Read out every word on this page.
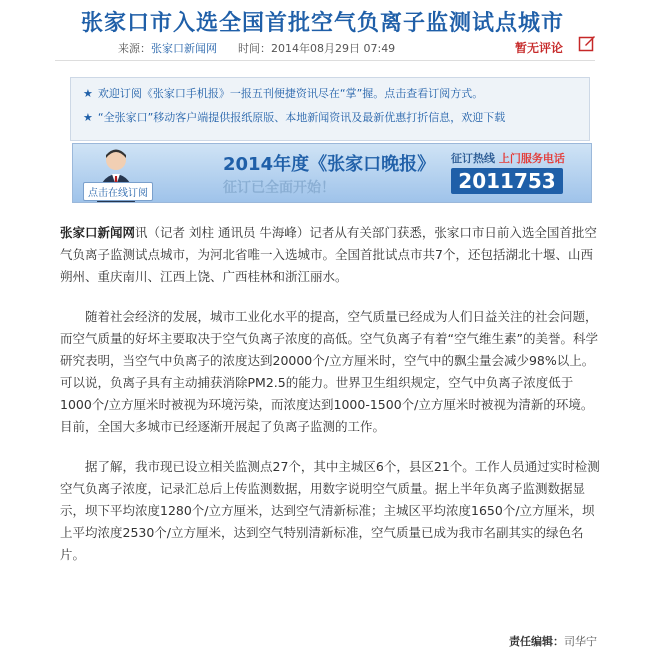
张家口市入选全国首批空气负离子监测试点城市
来源：张家口新闻网 时间：2014年08月29日 07:49	暂无评论
★ 欢迎订阅《张家口手机报》一报五刊便捷资讯尽在“掌”握。点击查看订阅方式。
★ “全张家口”移动客户端提供报纸原版、本地新闻资讯及最新优惠打折信息，欢迎下载
点击在线订阅
2014年度《张家口晚报》
征订已全面开始！
征订热线 上门服务电话
2011753

张家口新闻网讯（记者 刘柱 通讯员 牛海峰）记者从有关部门获悉，张家口市日前入选全国首批空气负离子监测试点城市，为河北省唯一入选城市。全国首批试点市共7个，还包括湖北十堰、山西朔州、重庆南川、江西上饶、广西桂林和浙江丽水。

随着社会经济的发展，城市工业化水平的提高，空气质量已经成为人们日益关注的社会问题，而空气质量的好坏主要取决于空气负离子浓度的高低。空气负离子有着“空气维生素”的美誉。科学研究表明，当空气中负离子的浓度达到20000个/立方厘米时，空气中的飘尘量会减少98%以上。可以说，负离子具有主动捕获消除PM2.5的能力。世界卫生组织规定，空气中负离子浓度低于1000个/立方厘米时被视为环境污染，而浓度达到1000-1500个/立方厘米时被视为清新的环境。目前，全国大多城市已经逐渐开展起了负离子监测的工作。

据了解，我市现已设立相关监测点27个，其中主城区6个，县区21个。工作人员通过实时检测空气负离子浓度，记录汇总后上传监测数据，用数字说明空气质量。据上半年负离子监测数据显示，坝下平均浓度1280个/立方厘米，达到空气清新标准；主城区平均浓度1650个/立方厘米，坝上平均浓度2530个/立方厘米，达到空气特别清新标准，空气质量已成为我市名副其实的绿色名片。

责任编辑：司华宁
